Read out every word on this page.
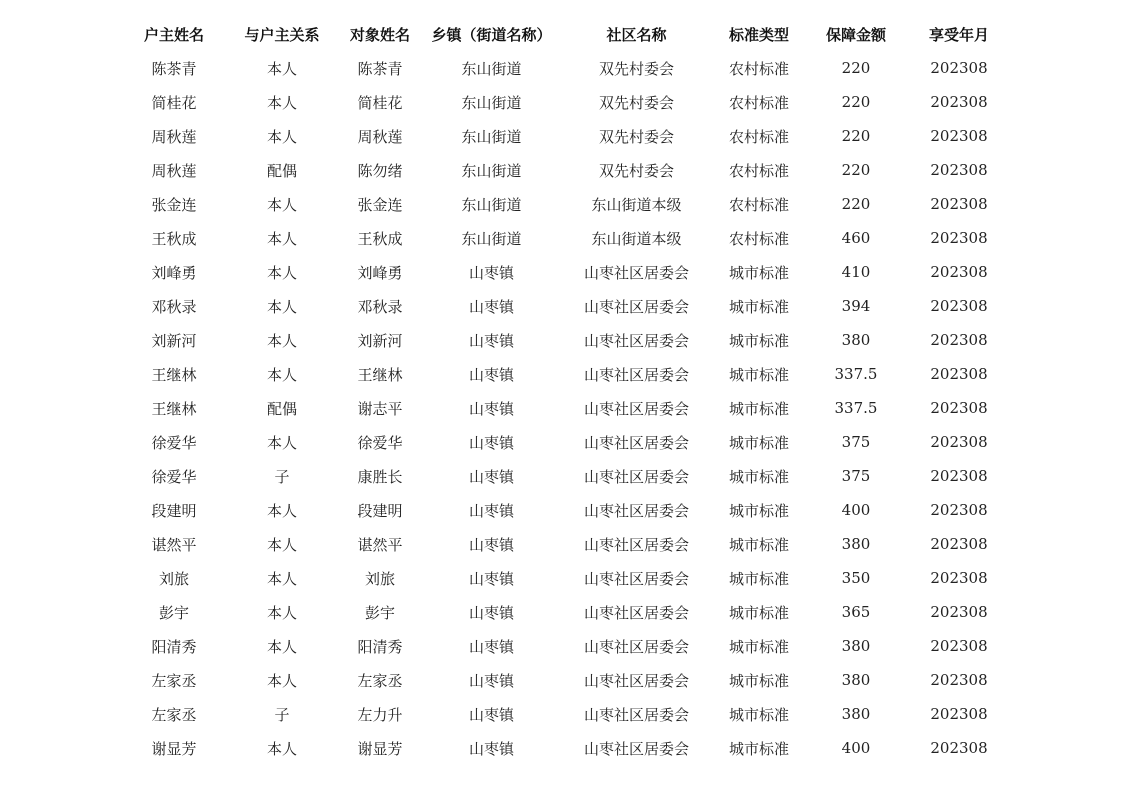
户主姓名	与户主关系	对象姓名	乡镇（街道名称）	社区名称	标准类型	保障金额	享受年月
陈茶青	本人	陈茶青	东山街道	双先村委会	农村标准	220	202308
简桂花	本人	简桂花	东山街道	双先村委会	农村标准	220	202308
周秋莲	本人	周秋莲	东山街道	双先村委会	农村标准	220	202308
周秋莲	配偶	陈勿绪	东山街道	双先村委会	农村标准	220	202308
张金连	本人	张金连	东山街道	东山街道本级	农村标准	220	202308
王秋成	本人	王秋成	东山街道	东山街道本级	农村标准	460	202308
刘峰勇	本人	刘峰勇	山枣镇	山枣社区居委会	城市标准	410	202308
邓秋录	本人	邓秋录	山枣镇	山枣社区居委会	城市标准	394	202308
刘新河	本人	刘新河	山枣镇	山枣社区居委会	城市标准	380	202308
王继林	本人	王继林	山枣镇	山枣社区居委会	城市标准	337.5	202308
王继林	配偶	谢志平	山枣镇	山枣社区居委会	城市标准	337.5	202308
徐爱华	本人	徐爱华	山枣镇	山枣社区居委会	城市标准	375	202308
徐爱华	子	康胜长	山枣镇	山枣社区居委会	城市标准	375	202308
段建明	本人	段建明	山枣镇	山枣社区居委会	城市标准	400	202308
谌然平	本人	谌然平	山枣镇	山枣社区居委会	城市标准	380	202308
刘旅	本人	刘旅	山枣镇	山枣社区居委会	城市标准	350	202308
彭宇	本人	彭宇	山枣镇	山枣社区居委会	城市标准	365	202308
阳清秀	本人	阳清秀	山枣镇	山枣社区居委会	城市标准	380	202308
左家丞	本人	左家丞	山枣镇	山枣社区居委会	城市标准	380	202308
左家丞	子	左力升	山枣镇	山枣社区居委会	城市标准	380	202308
谢显芳	本人	谢显芳	山枣镇	山枣社区居委会	城市标准	400	202308
